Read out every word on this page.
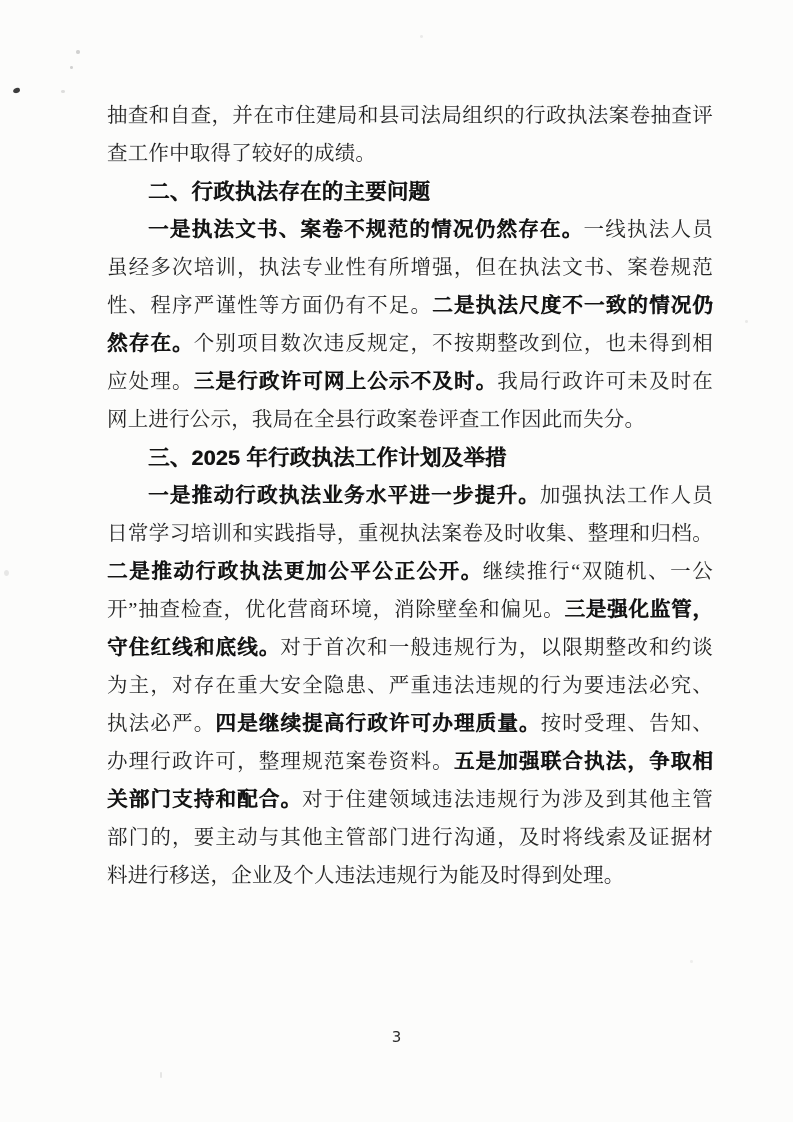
抽查和自查，并在市住建局和县司法局组织的行政执法案卷抽查评
查工作中取得了较好的成绩。
二、行政执法存在的主要问题
一是执法文书、案卷不规范的情况仍然存在。一线执法人员
虽经多次培训，执法专业性有所增强，但在执法文书、案卷规范
性、程序严谨性等方面仍有不足。二是执法尺度不一致的情况仍
然存在。个别项目数次违反规定，不按期整改到位，也未得到相
应处理。三是行政许可网上公示不及时。我局行政许可未及时在
网上进行公示，我局在全县行政案卷评查工作因此而失分。
三、2025 年行政执法工作计划及举措
一是推动行政执法业务水平进一步提升。加强执法工作人员
日常学习培训和实践指导，重视执法案卷及时收集、整理和归档。
二是推动行政执法更加公平公正公开。继续推行“双随机、一公
开”抽查检查，优化营商环境，消除壁垒和偏见。三是强化监管，
守住红线和底线。对于首次和一般违规行为，以限期整改和约谈
为主，对存在重大安全隐患、严重违法违规的行为要违法必究、
执法必严。四是继续提高行政许可办理质量。按时受理、告知、
办理行政许可，整理规范案卷资料。五是加强联合执法，争取相
关部门支持和配合。对于住建领域违法违规行为涉及到其他主管
部门的，要主动与其他主管部门进行沟通，及时将线索及证据材
料进行移送，企业及个人违法违规行为能及时得到处理。
3
